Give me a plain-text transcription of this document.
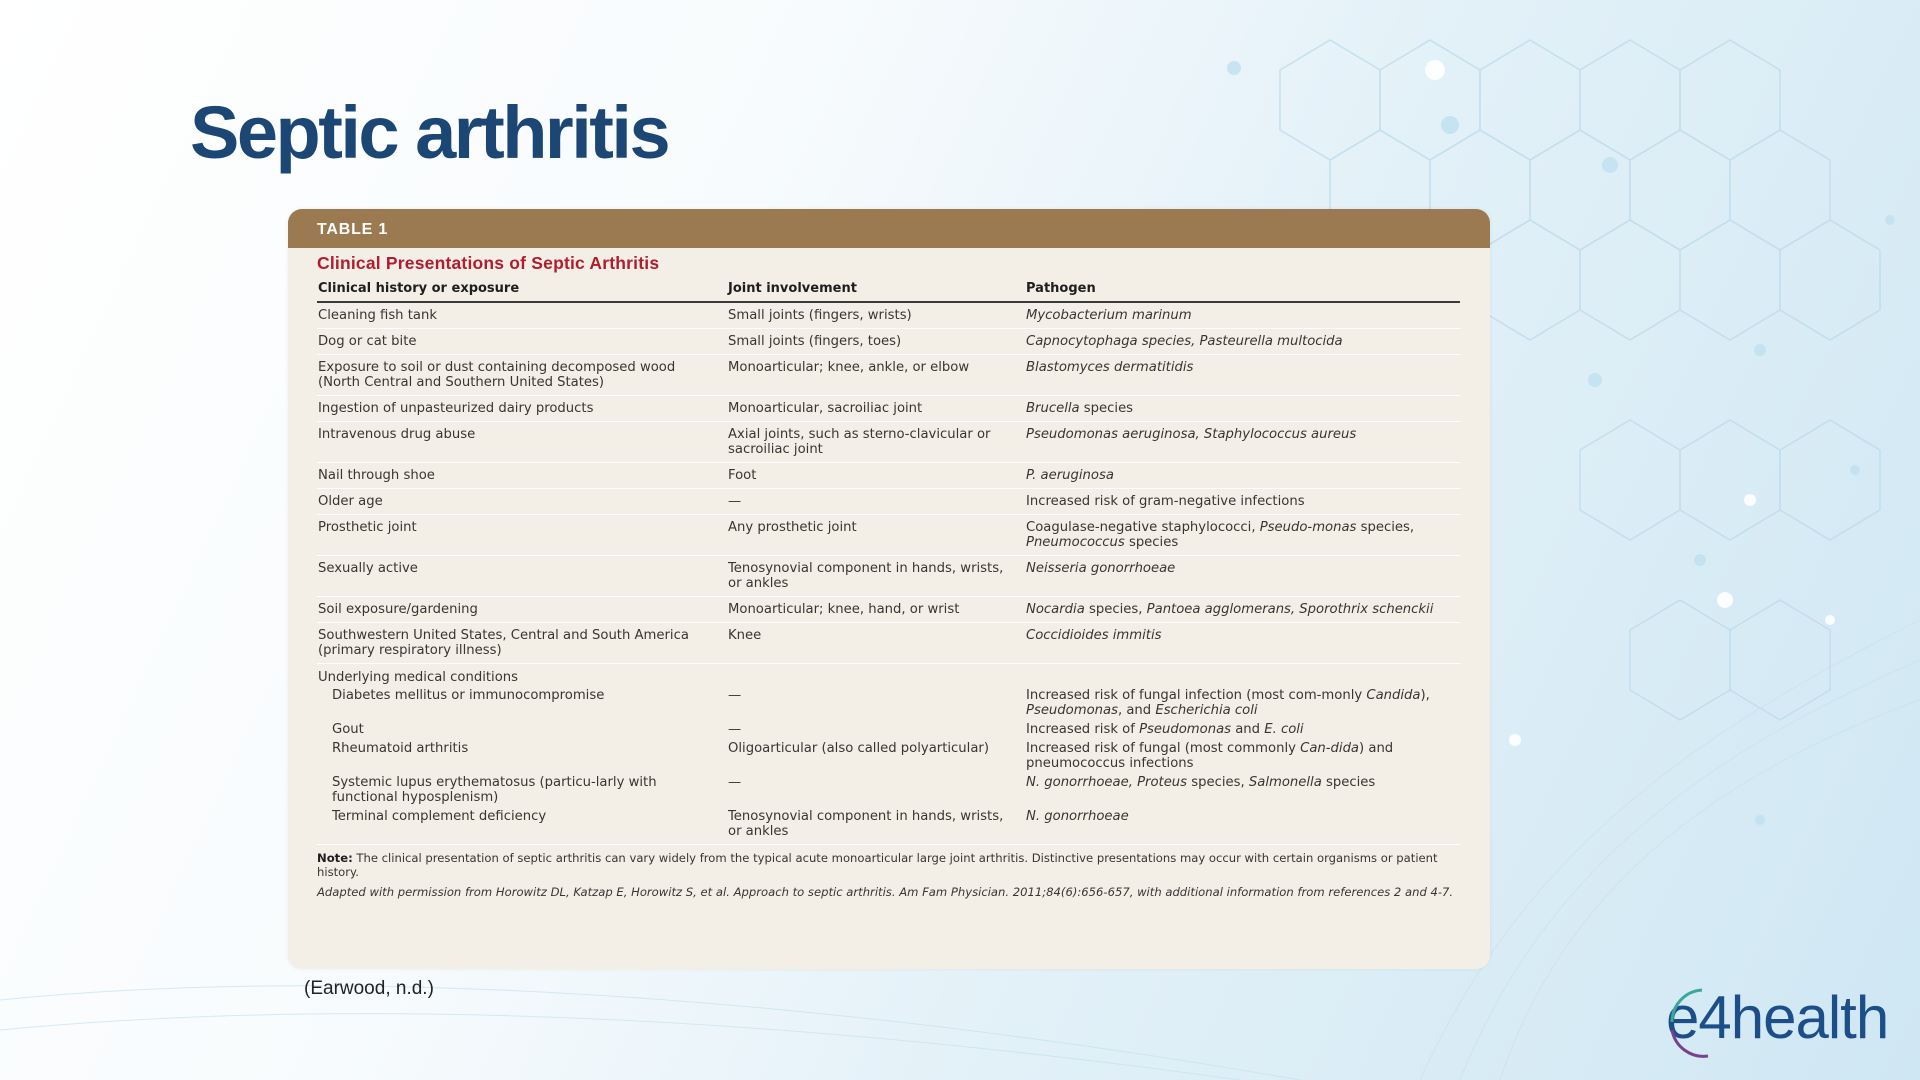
Septic arthritis
TABLE 1
Clinical Presentations of Septic Arthritis
Clinical history or exposure	Joint involvement	Pathogen
Cleaning fish tank	Small joints (fingers, wrists)	Mycobacterium marinum
Dog or cat bite	Small joints (fingers, toes)	Capnocytophaga species, Pasteurella multocida
Exposure to soil or dust containing decomposed wood (North Central and Southern United States)	Monoarticular; knee, ankle, or elbow	Blastomyces dermatitidis
Ingestion of unpasteurized dairy products	Monoarticular, sacroiliac joint	Brucella species
Intravenous drug abuse	Axial joints, such as sterno-clavicular or sacroiliac joint	Pseudomonas aeruginosa, Staphylococcus aureus
Nail through shoe	Foot	P. aeruginosa
Older age	—	Increased risk of gram-negative infections
Prosthetic joint	Any prosthetic joint	Coagulase-negative staphylococci, Pseudo-monas species, Pneumococcus species
Sexually active	Tenosynovial component in hands, wrists, or ankles	Neisseria gonorrhoeae
Soil exposure/gardening	Monoarticular; knee, hand, or wrist	Nocardia species, Pantoea agglomerans, Sporothrix schenckii
Southwestern United States, Central and South America (primary respiratory illness)	Knee	Coccidioides immitis
Underlying medical conditions		
Diabetes mellitus or immunocompromise	—	Increased risk of fungal infection (most com-monly Candida), Pseudomonas, and Escherichia coli
Gout	—	Increased risk of Pseudomonas and E. coli
Rheumatoid arthritis	Oligoarticular (also called polyarticular)	Increased risk of fungal (most commonly Can-dida) and pneumococcus infections
Systemic lupus erythematosus (particu-larly with functional hyposplenism)	—	N. gonorrhoeae, Proteus species, Salmonella species
Terminal complement deficiency	Tenosynovial component in hands, wrists, or ankles	N. gonorrhoeae
Note: The clinical presentation of septic arthritis can vary widely from the typical acute monoarticular large joint arthritis. Distinctive presentations may occur with certain organisms or patient history.
Adapted with permission from Horowitz DL, Katzap E, Horowitz S, et al. Approach to septic arthritis. Am Fam Physician. 2011;84(6):656-657, with additional information from references 2 and 4-7.
(Earwood, n.d.)	e4health
